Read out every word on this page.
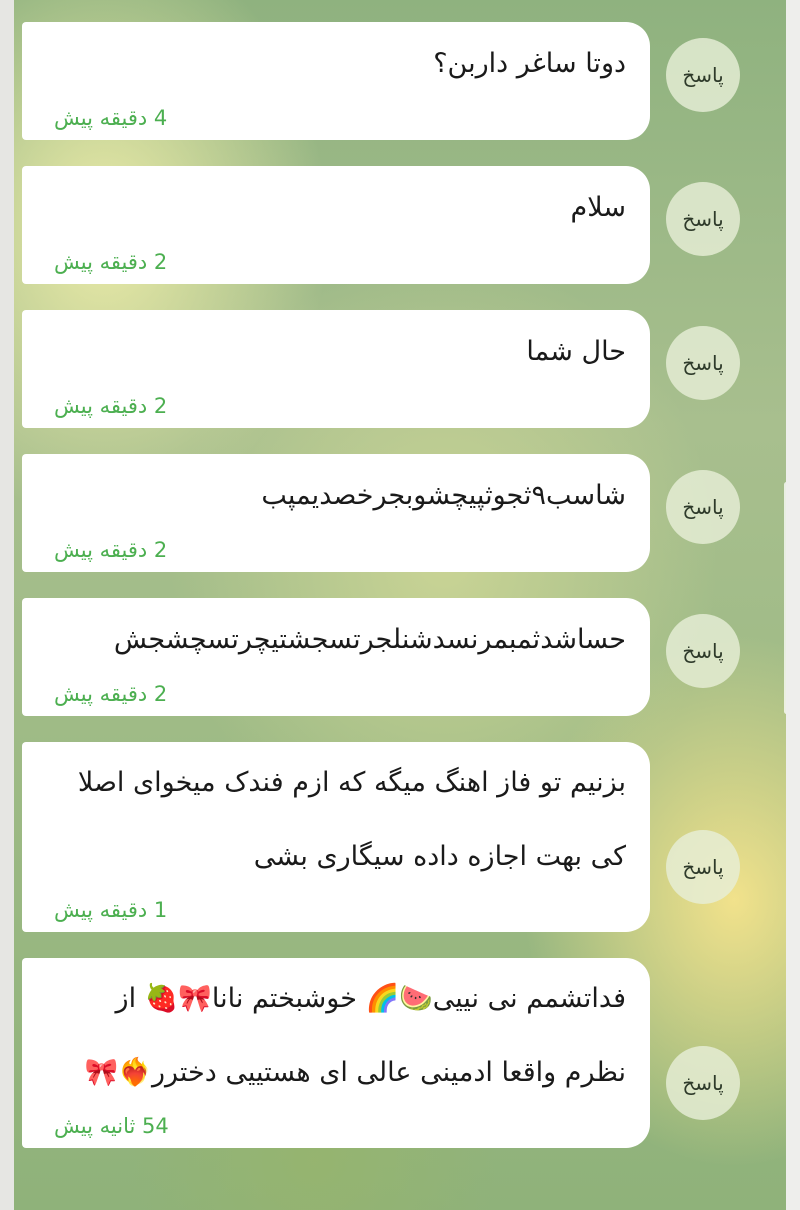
دوتا ساغر داربن؟
4 دقیقه پیش
پاسخ
سلام
2 دقیقه پیش
پاسخ
حال شما
2 دقیقه پیش
پاسخ
شاسب۹ثجوثپیچشوبجرخصدیمپب
2 دقیقه پیش
پاسخ
حساشدثمبمرنسدشنلجرتسجشتیچرتسچشجش
2 دقیقه پیش
پاسخ
بزنیم تو فاز اهنگ میگه که ازم فندک میخوای اصلا کی بهت اجازه داده سیگاری بشی
1 دقیقه پیش
پاسخ
فداتشمم نی نییی🍉🌈 خوشبختم نانا🎀🍓 از نظرم واقعا ادمینی عالی ای هستییی دخترر❤️‍🔥🎀
54 ثانیه پیش
پاسخ
